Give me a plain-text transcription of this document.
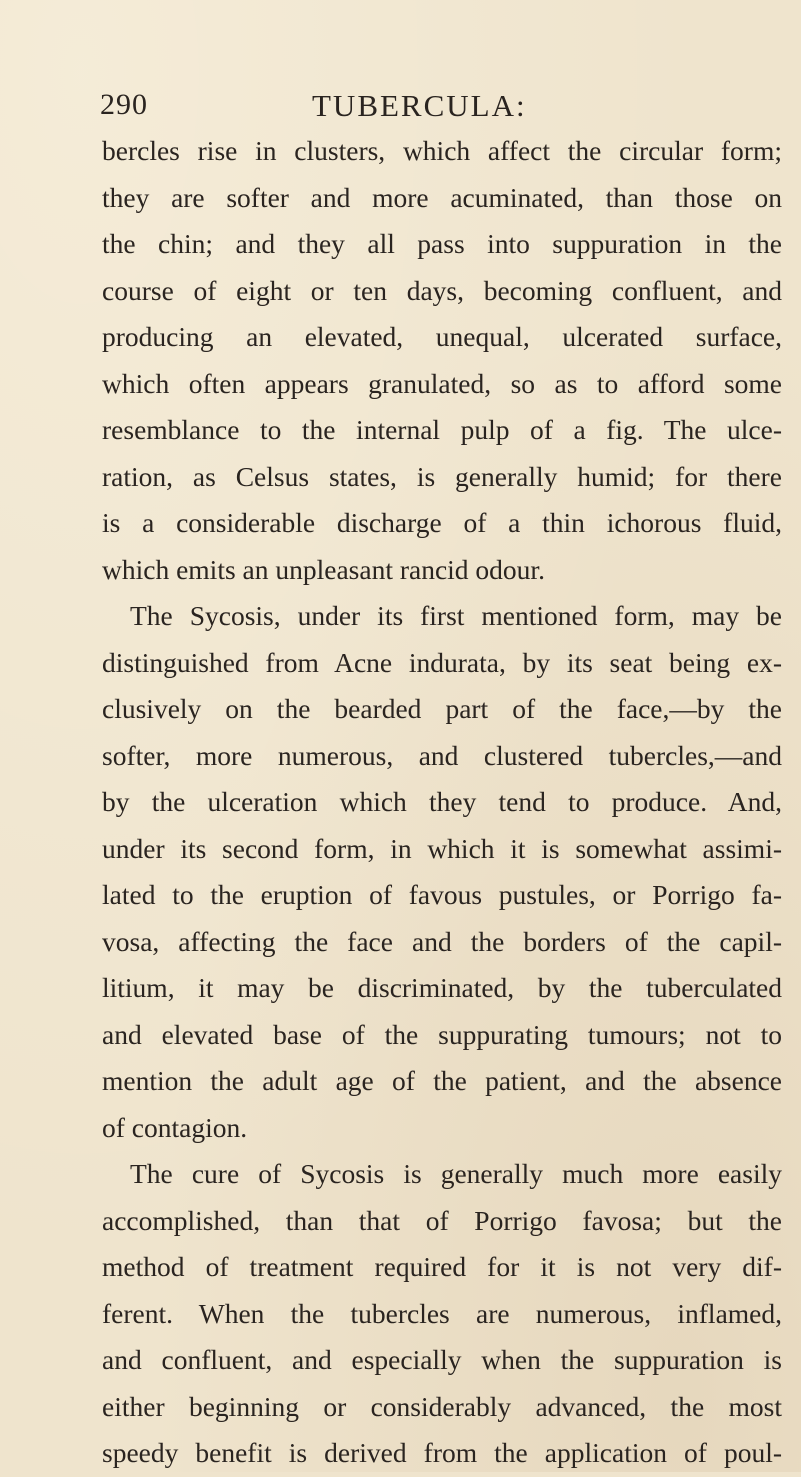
290	TUBERCULA:
bercles rise in clusters, which affect the circular form;
they are softer and more acuminated, than those on
the chin; and they all pass into suppuration in the
course of eight or ten days, becoming confluent, and
producing an elevated, unequal, ulcerated surface,
which often appears granulated, so as to afford some
resemblance to the internal pulp of a fig. The ulce-
ration, as Celsus states, is generally humid; for there
is a considerable discharge of a thin ichorous fluid,
which emits an unpleasant rancid odour.
The Sycosis, under its first mentioned form, may be
distinguished from Acne indurata, by its seat being ex-
clusively on the bearded part of the face,—by the
softer, more numerous, and clustered tubercles,—and
by the ulceration which they tend to produce. And,
under its second form, in which it is somewhat assimi-
lated to the eruption of favous pustules, or Porrigo fa-
vosa, affecting the face and the borders of the capil-
litium, it may be discriminated, by the tuberculated
and elevated base of the suppurating tumours; not to
mention the adult age of the patient, and the absence
of contagion.
The cure of Sycosis is generally much more easily
accomplished, than that of Porrigo favosa; but the
method of treatment required for it is not very dif-
ferent. When the tubercles are numerous, inflamed,
and confluent, and especially when the suppuration is
either beginning or considerably advanced, the most
speedy benefit is derived from the application of poul-
